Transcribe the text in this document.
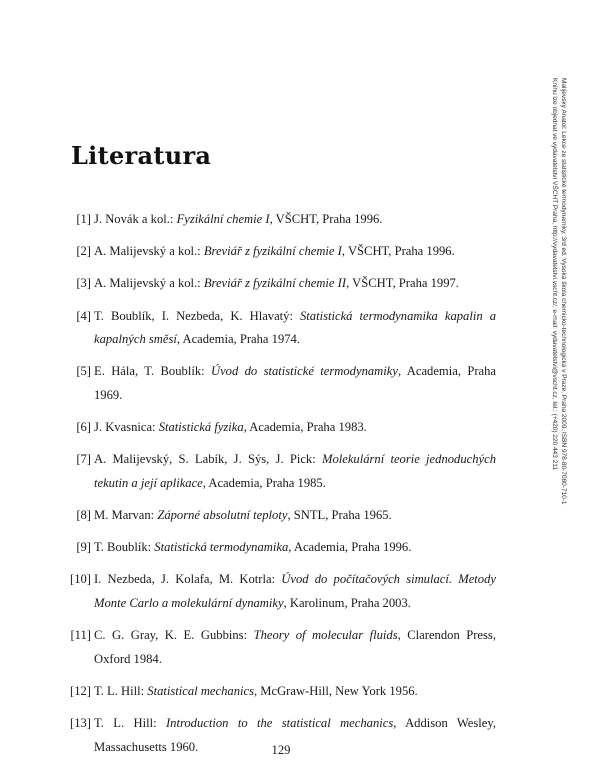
Literatura
[1] J. Novák a kol.: Fyzikální chemie I, VŠCHT, Praha 1996.
[2] A. Malijevský a kol.: Breviář z fyzikální chemie I, VŠCHT, Praha 1996.
[3] A. Malijevský a kol.: Breviář z fyzikální chemie II, VŠCHT, Praha 1997.
[4] T. Boublík, I. Nezbeda, K. Hlavatý: Statistická termodynamika kapalin a kapalných směsí, Academia, Praha 1974.
[5] E. Hála, T. Boublík: Úvod do statistické termodynamiky, Academia, Praha 1969.
[6] J. Kvasnica: Statistická fyzika, Academia, Praha 1983.
[7] A. Malijevský, S. Labík, J. Sýs, J. Pick: Molekulární teorie jednoduchých tekutin a její aplikace, Academia, Praha 1985.
[8] M. Marvan: Záporné absolutní teploty, SNTL, Praha 1965.
[9] T. Boublík: Statistická termodynamika, Academia, Praha 1996.
[10] I. Nezbeda, J. Kolafa, M. Kotrla: Úvod do počítačových simulací. Metody Monte Carlo a molekulární dynamiky, Karolinum, Praha 2003.
[11] C. G. Gray, K. E. Gubbins: Theory of molecular fluids, Clarendon Press, Oxford 1984.
[12] T. L. Hill: Statistical mechanics, McGraw-Hill, New York 1956.
[13] T. L. Hill: Introduction to the statistical mechanics, Addison Wesley, Massachusetts 1960.	129
Malijevský Anatol: Lekce ze statistické termodynamiky, 3rd ed. Vysoká škola chemicko-technologická v Praze, Praha 2009. ISBN 978-80-7080-710-1
Knihu lze objednat ve vydavatelství VŠCHT Praha, http://vydavatelstvi.vscht.cz/, e-mail: vydavatelstvi@vscht.cz, tel.: (+420) 220 443 211
